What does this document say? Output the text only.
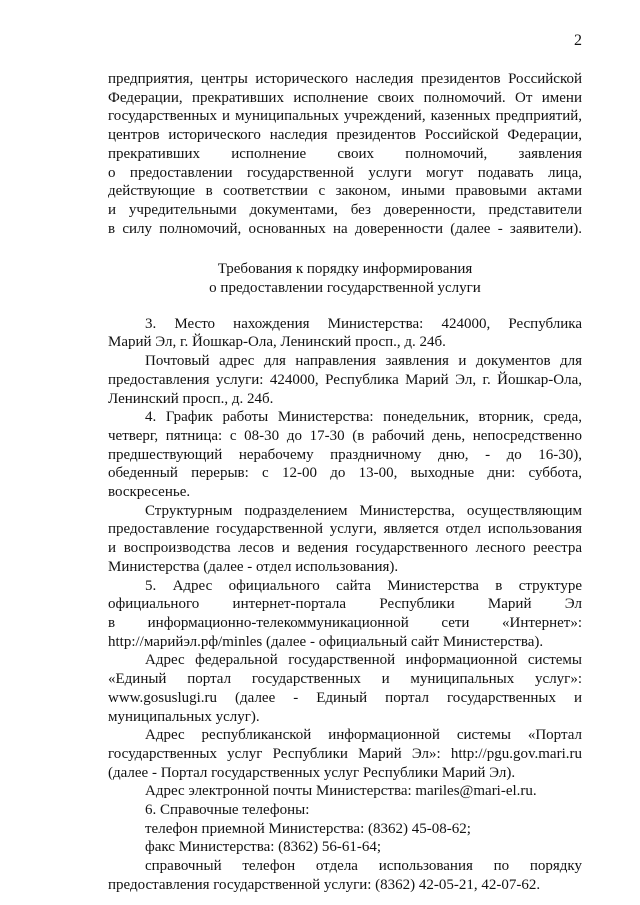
2

предприятия, центры исторического наследия президентов Российской

Федерации, прекративших исполнение своих полномочий. От имени

государственных и муниципальных учреждений, казенных предприятий,

центров исторического наследия президентов Российской Федерации,

прекративших исполнение своих полномочий, заявления

о предоставлении государственной услуги могут подавать лица,

действующие в соответствии с законом, иными правовыми актами

и учредительными документами, без доверенности, представители

в силу полномочий, основанных на доверенности (далее - заявители).

Требования к порядку информирования
о предоставлении государственной услуги

3. Место нахождения Министерства: 424000, Республика

Марий Эл, г. Йошкар-Ола, Ленинский просп., д. 24б.

Почтовый адрес для направления заявления и документов для

предоставления услуги: 424000, Республика Марий Эл, г. Йошкар-Ола,

Ленинский просп., д. 24б.

4. График работы Министерства: понедельник, вторник, среда,

четверг, пятница: с 08-30 до 17-30 (в рабочий день, непосредственно

предшествующий нерабочему праздничному дню, - до 16-30),

обеденный перерыв: с 12-00 до 13-00, выходные дни: суббота,

воскресенье.

Структурным подразделением Министерства, осуществляющим

предоставление государственной услуги, является отдел использования

и воспроизводства лесов и ведения государственного лесного реестра

Министерства (далее - отдел использования).

5. Адрес официального сайта Министерства в структуре

официального интернет-портала Республики Марий Эл

в информационно-телекоммуникационной сети «Интернет»:

http://марийэл.рф/minles (далее - официальный сайт Министерства).

Адрес федеральной государственной информационной системы

«Единый портал государственных и муниципальных услуг»:

www.gosuslugi.ru (далее - Единый портал государственных и

муниципальных услуг).

Адрес республиканской информационной системы «Портал

государственных услуг Республики Марий Эл»: http://pgu.gov.mari.ru

(далее - Портал государственных услуг Республики Марий Эл).

Адрес электронной почты Министерства: mariles@mari-el.ru.

6. Справочные телефоны:

телефон приемной Министерства: (8362) 45-08-62;

факс Министерства: (8362) 56-61-64;

справочный телефон отдела использования по порядку

предоставления государственной услуги: (8362) 42-05-21, 42-07-62.
